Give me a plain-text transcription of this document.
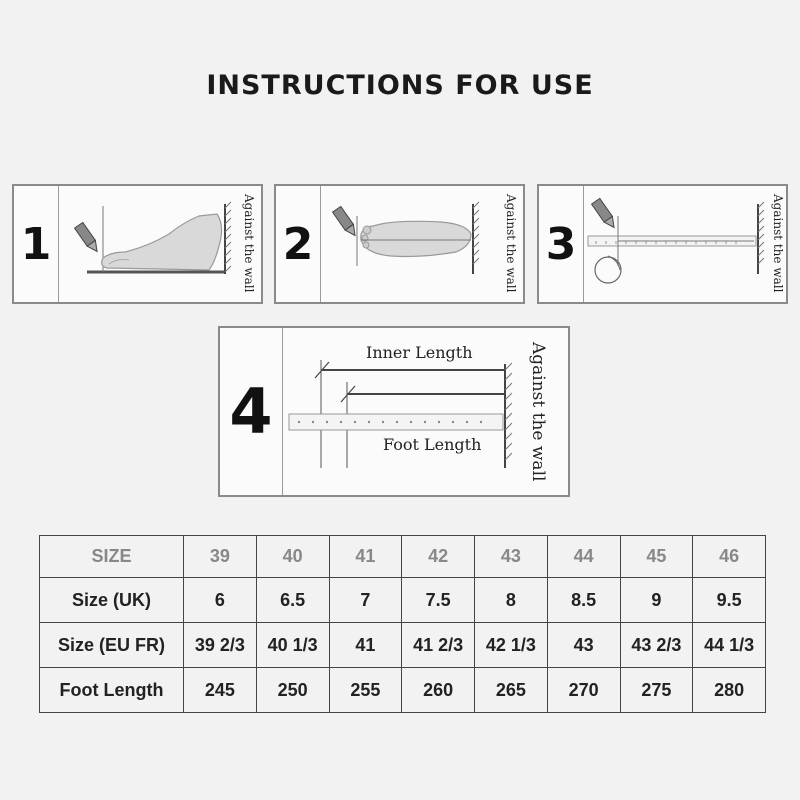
INSTRUCTIONS FOR USE
1	Against the wall 2	Against the wall 3	Against the wall
4
Inner Length
Foot Length	Against the wall
SIZE	39	40	41	42	43	44	45	46
Size (UK)	6	6.5	7	7.5	8	8.5	9	9.5
Size (EU FR)	39 2/3	40 1/3	41	41 2/3	42 1/3	43	43 2/3	44 1/3
Foot Length	245	250	255	260	265	270	275	280
